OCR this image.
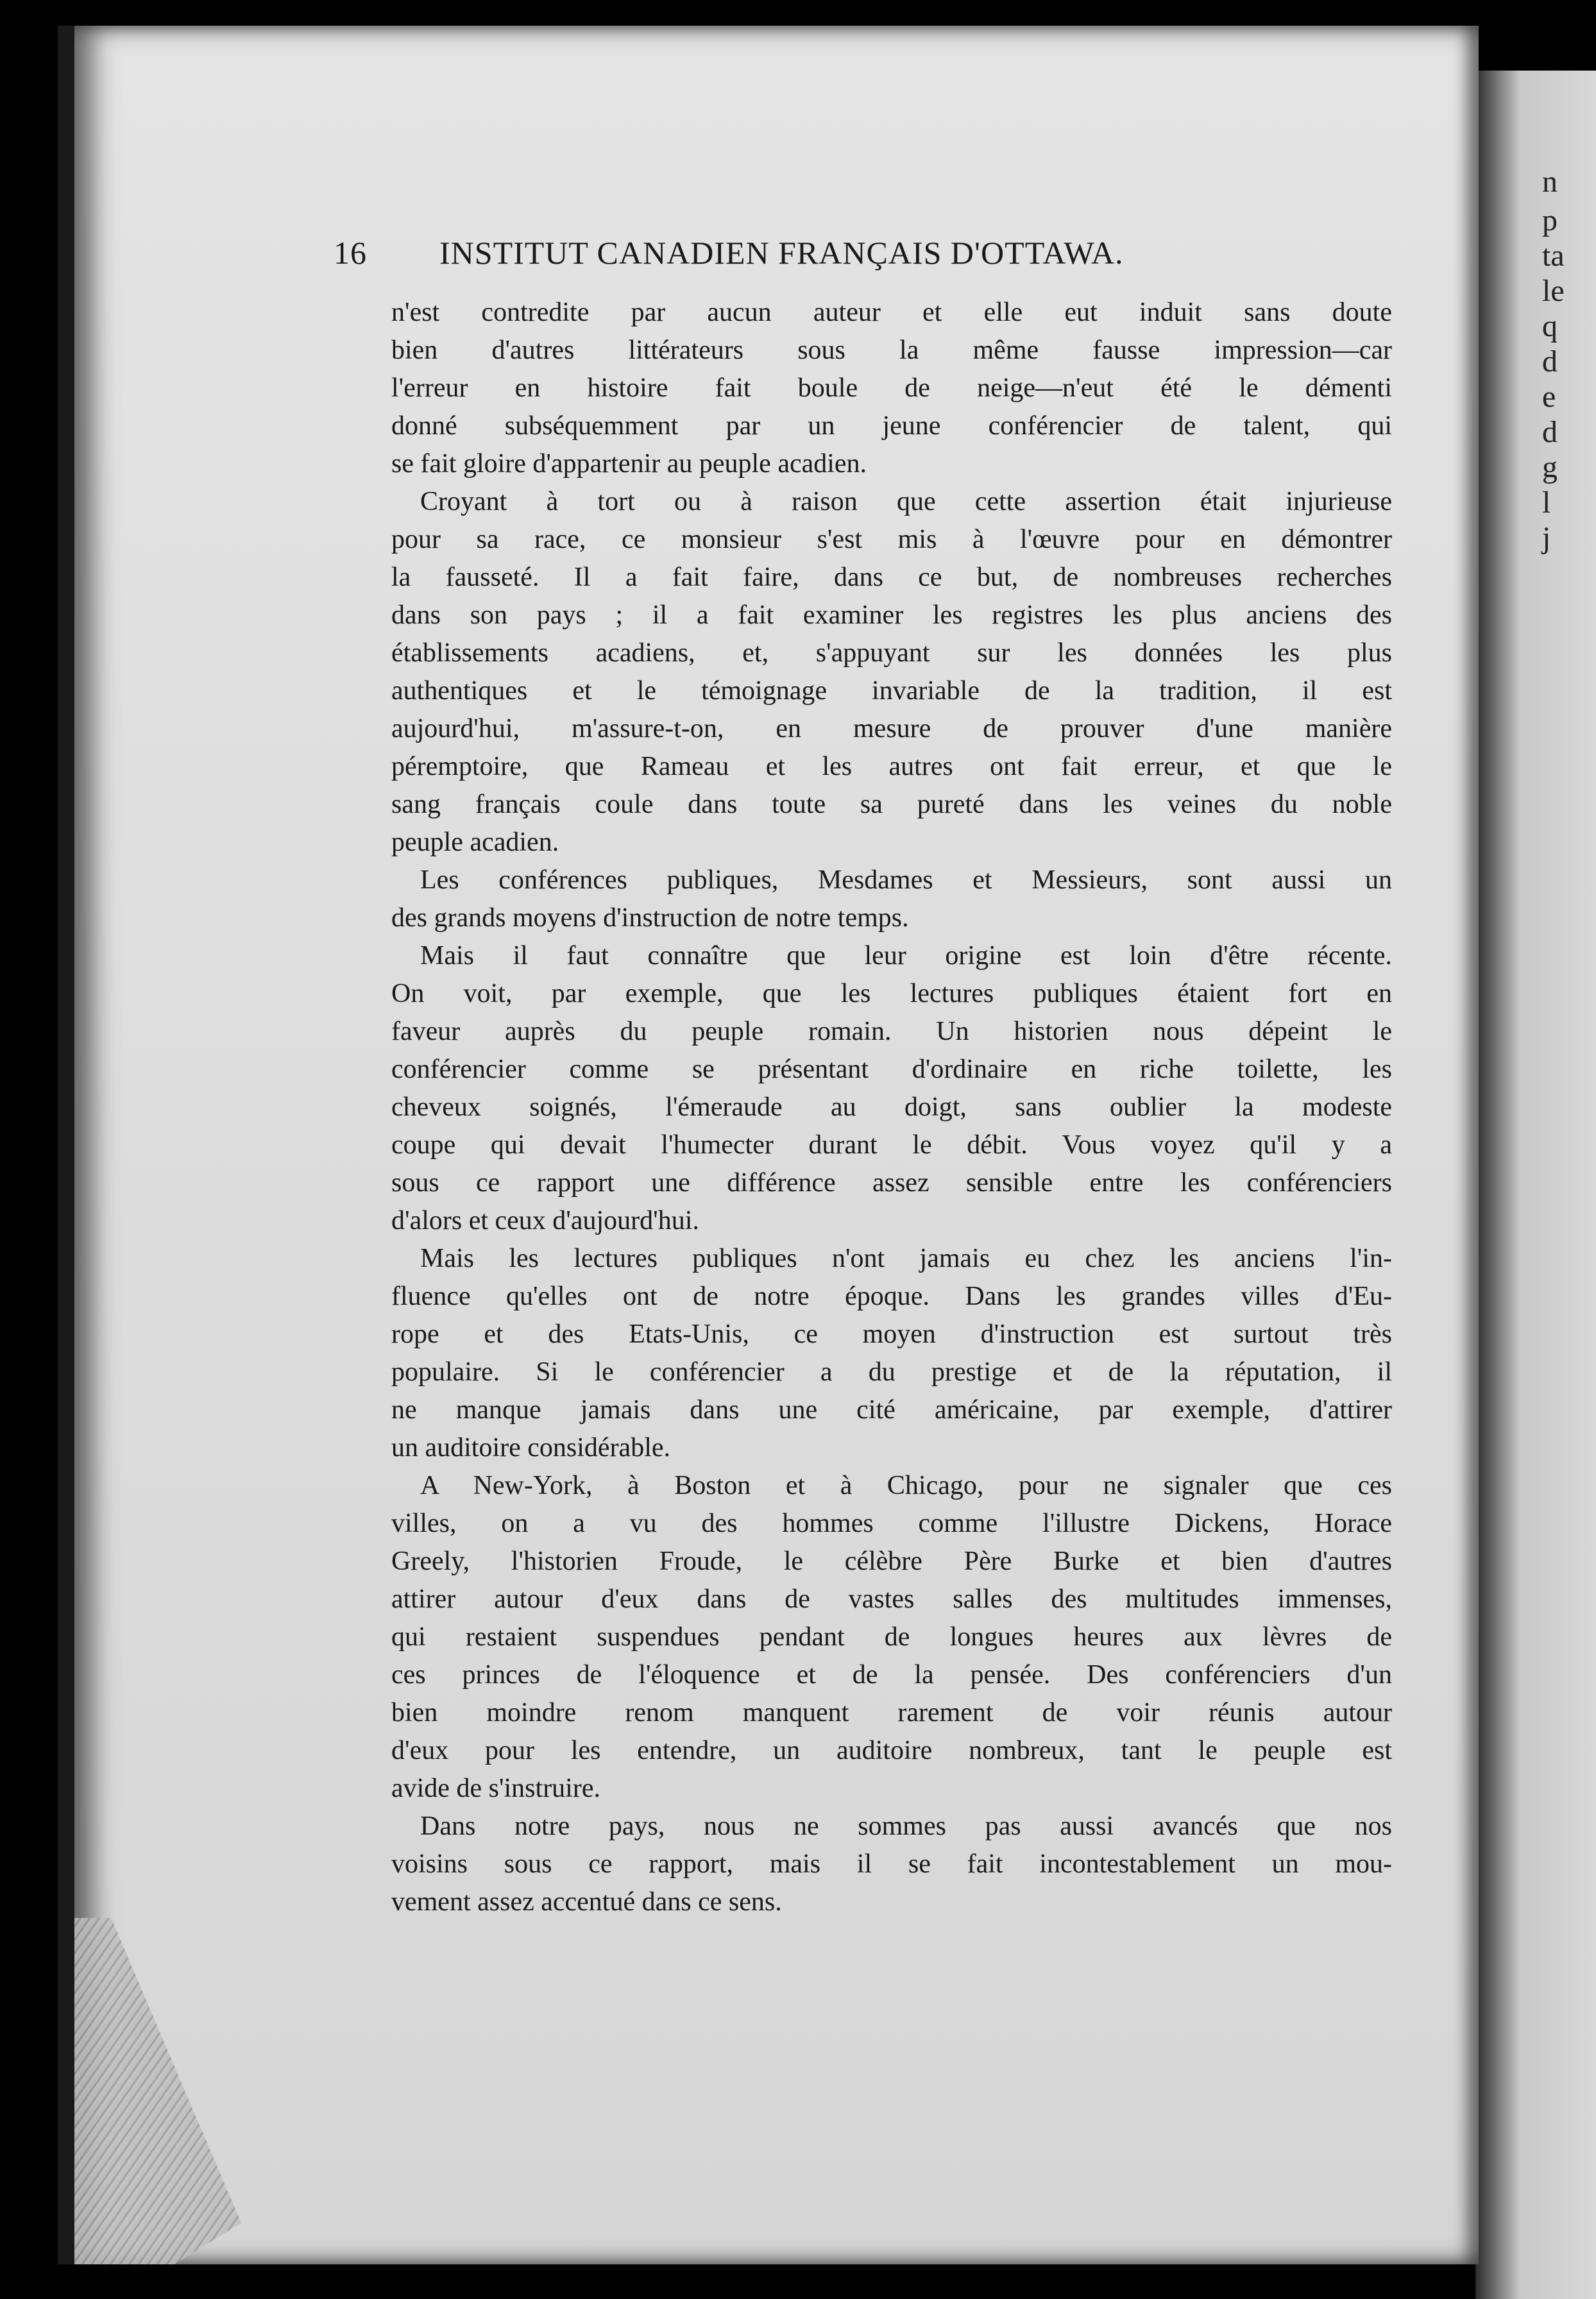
n
p
ta
le
q
d
e
d
g
l
j
16 INSTITUT CANADIEN FRANÇAIS D'OTTAWA.
n'est contredite par aucun auteur et elle eut induit sans doute
bien d'autres littérateurs sous la même fausse impression—car
l'erreur en histoire fait boule de neige—n'eut été le démenti
donné subséquemment par un jeune conférencier de talent, qui
se fait gloire d'appartenir au peuple acadien.
Croyant à tort ou à raison que cette assertion était injurieuse
pour sa race, ce monsieur s'est mis à l'œuvre pour en démontrer
la fausseté. Il a fait faire, dans ce but, de nombreuses recherches
dans son pays ; il a fait examiner les registres les plus anciens des
établissements acadiens, et, s'appuyant sur les données les plus
authentiques et le témoignage invariable de la tradition, il est
aujourd'hui, m'assure-t-on, en mesure de prouver d'une manière
péremptoire, que Rameau et les autres ont fait erreur, et que le
sang français coule dans toute sa pureté dans les veines du noble
peuple acadien.
Les conférences publiques, Mesdames et Messieurs, sont aussi un
des grands moyens d'instruction de notre temps.
Mais il faut connaître que leur origine est loin d'être récente.
On voit, par exemple, que les lectures publiques étaient fort en
faveur auprès du peuple romain. Un historien nous dépeint le
conférencier comme se présentant d'ordinaire en riche toilette, les
cheveux soignés, l'émeraude au doigt, sans oublier la modeste
coupe qui devait l'humecter durant le débit. Vous voyez qu'il y a
sous ce rapport une différence assez sensible entre les conférenciers
d'alors et ceux d'aujourd'hui.
Mais les lectures publiques n'ont jamais eu chez les anciens l'in-
fluence qu'elles ont de notre époque. Dans les grandes villes d'Eu-
rope et des Etats-Unis, ce moyen d'instruction est surtout très
populaire. Si le conférencier a du prestige et de la réputation, il
ne manque jamais dans une cité américaine, par exemple, d'attirer
un auditoire considérable.
A New-York, à Boston et à Chicago, pour ne signaler que ces
villes, on a vu des hommes comme l'illustre Dickens, Horace
Greely, l'historien Froude, le célèbre Père Burke et bien d'autres
attirer autour d'eux dans de vastes salles des multitudes immenses,
qui restaient suspendues pendant de longues heures aux lèvres de
ces princes de l'éloquence et de la pensée. Des conférenciers d'un
bien moindre renom manquent rarement de voir réunis autour
d'eux pour les entendre, un auditoire nombreux, tant le peuple est
avide de s'instruire.
Dans notre pays, nous ne sommes pas aussi avancés que nos
voisins sous ce rapport, mais il se fait incontestablement un mou-
vement assez accentué dans ce sens.
